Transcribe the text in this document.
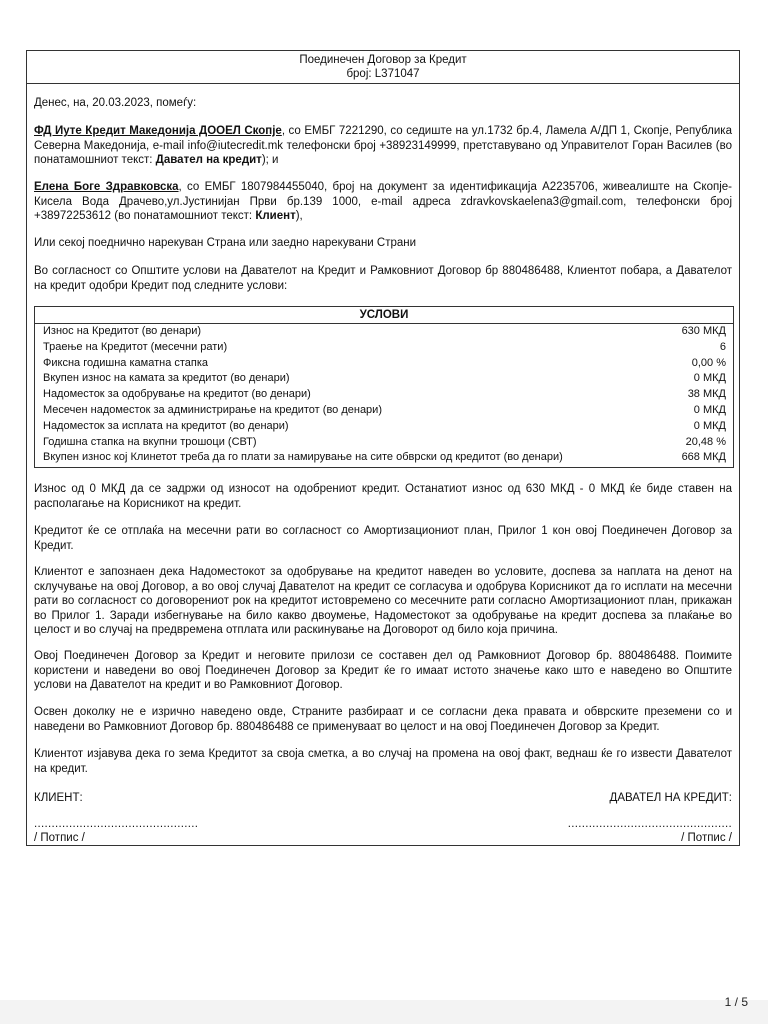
Поединечен Договор за Кредит
број: L371047

Денес, на, 20.03.2023, помеѓу:

ФД Иуте Кредит Македонија ДООЕЛ Скопје, со ЕМБГ 7221290, со седиште на ул.1732 бр.4, Ламела А/ДП 1, Скопје, Република Северна Македонија, e-mail info@iutecredit.mk телефонски број +38923149999, претставувано од Управителот Горан Василев (во понатамошниот текст: Давател на кредит); и

Елена Боге Здравковска, со ЕМБГ 1807984455040, број на документ за идентификација A2235706, живеалиште на Скопје-Кисела Вода Драчево,ул.Јустинијан Први бр.139 1000, e-mail адреса zdravkovskaelena3@gmail.com, телефонски број +38972253612 (во понатамошниот текст: Клиент),

Или секој поеднично нарекуван Страна или заедно нарекувани Страни

Во согласност со Општите услови на Давателот на Кредит и Рамковниот Договор бр 880486488, Клиентот побара, а Давателот на кредит одобри Кредит под следните услови:

УСЛОВИ
Износ на Кредитот (во денари)	630 МКД
Траење на Кредитот (месечни рати)	6
Фиксна годишна каматна стапка	0,00 %
Вкупен износ на камата за кредитот (во денари)	0 МКД
Надоместок за одобрување на кредитот (во денари)	38 МКД
Месечен надоместок за администрирање на кредитот (во денари)	0 МКД
Надоместок за исплата на кредитот (во денари)	0 МКД
Годишна стапка на вкупни трошоци (СВТ)	20,48 %
Вкупен износ кој Клинетот треба да го плати за намирување на сите обврски од кредитот (во денари)	668 МКД

Износ од 0 МКД да се задржи од износот на одобрениот кредит. Останатиот износ од 630 МКД - 0 МКД ќе биде ставен на располагање на Корисникот на кредит.

Кредитот ќе се отплаќа на месечни рати во согласност со Амортизациониот план, Прилог 1 кон овој Поединечен Договор за Кредит.

Клиентот е запознаен дека Надоместокот за одобрување на кредитот наведен во условите, доспева за наплата на денот на склучување на овој Договор, а во овој случај Давателот на кредит се согласува и одобрува Корисникот да го исплати на месечни рати во согласност со договорениот рок на кредитот истовремено со месечните рати согласно Амортизациониот план, прикажан во Прилог 1. Заради избегнување на било какво двоумење, Надоместокот за одобрување на кредит доспева за плаќање во целост и во случај на предвремена отплата или раскинување на Договорот од било која причина.

Овој Поединечен Договор за Кредит и неговите прилози се составен дел од Рамковниот Договор бр. 880486488. Поимите користени и наведени во овој Поединечен Договор за Кредит ќе го имаат истото значење како што е наведено во Општите услови на Давателот на кредит и во Рамковниот Договор.

Освен доколку не е изрично наведено овде, Страните разбираат и се согласни дека правата и обврските преземени со и наведени во Рамковниот Договор бр. 880486488 се применуваат во целост и на овој Поединечен Договор за Кредит.

Клиентот изјавува дека го зема Кредитот за своја сметка, а во случај на промена на овој факт, веднаш ќе го извести Давателот на кредит.

КЛИЕНТ:	ДАВАТЕЛ НА КРЕДИТ:
...............................................	...............................................
/ Потпис /	/ Потпис /
1 / 5
